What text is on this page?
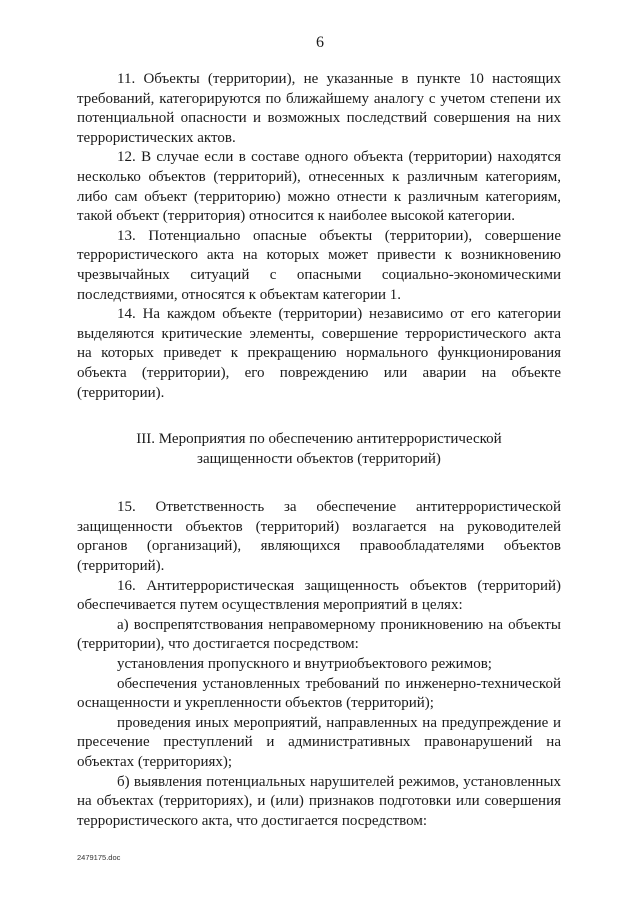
6

11. Объекты (территории), не указанные в пункте 10 настоящих требований, категорируются по ближайшему аналогу с учетом степени их потенциальной опасности и возможных последствий совершения на них террористических актов.

12. В случае если в составе одного объекта (территории) находятся несколько объектов (территорий), отнесенных к различным категориям, либо сам объект (территорию) можно отнести к различным категориям, такой объект (территория) относится к наиболее высокой категории.

13. Потенциально опасные объекты (территории), совершение террористического акта на которых может привести к возникновению чрезвычайных ситуаций с опасными социально-экономическими последствиями, относятся к объектам категории 1.

14. На каждом объекте (территории) независимо от его категории выделяются критические элементы, совершение террористического акта на которых приведет к прекращению нормального функционирования объекта (территории), его повреждению или аварии на объекте (территории).

III. Мероприятия по обеспечению антитеррористической
защищенности объектов (территорий)

15. Ответственность за обеспечение антитеррористической защищенности объектов (территорий) возлагается на руководителей органов (организаций), являющихся правообладателями объектов (территорий).

16. Антитеррористическая защищенность объектов (территорий) обеспечивается путем осуществления мероприятий в целях:

а) воспрепятствования неправомерному проникновению на объекты (территории), что достигается посредством:

установления пропускного и внутриобъектового режимов;

обеспечения установленных требований по инженерно-технической оснащенности и укрепленности объектов (территорий);

проведения иных мероприятий, направленных на предупреждение и пресечение преступлений и административных правонарушений на объектах (территориях);

б) выявления потенциальных нарушителей режимов, установленных на объектах (территориях), и (или) признаков подготовки или совершения террористического акта, что достигается посредством:

2479175.doc
